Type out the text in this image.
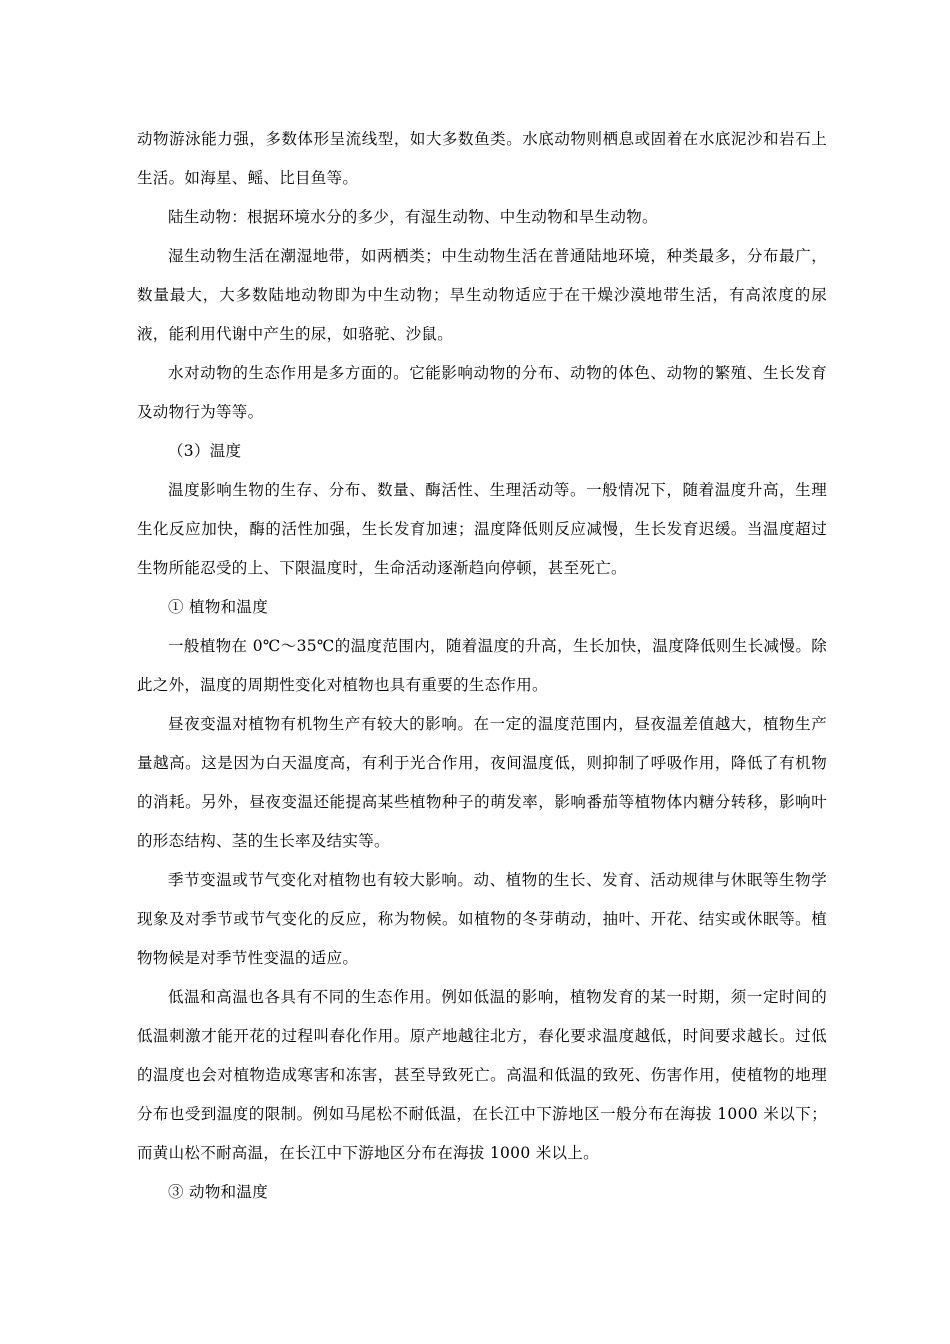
动物游泳能力强，多数体形呈流线型，如大多数鱼类。水底动物则栖息或固着在水底泥沙和岩石上生活。如海星、鳐、比目鱼等。

陆生动物：根据环境水分的多少，有湿生动物、中生动物和旱生动物。

湿生动物生活在潮湿地带，如两栖类；中生动物生活在普通陆地环境，种类最多，分布最广，数量最大，大多数陆地动物即为中生动物；旱生动物适应于在干燥沙漠地带生活，有高浓度的尿液，能利用代谢中产生的尿，如骆驼、沙鼠。

水对动物的生态作用是多方面的。它能影响动物的分布、动物的体色、动物的繁殖、生长发育及动物行为等等。

（3）温度

温度影响生物的生存、分布、数量、酶活性、生理活动等。一般情况下，随着温度升高，生理生化反应加快，酶的活性加强，生长发育加速；温度降低则反应减慢，生长发育迟缓。当温度超过生物所能忍受的上、下限温度时，生命活动逐渐趋向停顿，甚至死亡。

① 植物和温度

一般植物在 0℃～35℃的温度范围内，随着温度的升高，生长加快，温度降低则生长减慢。除此之外，温度的周期性变化对植物也具有重要的生态作用。

昼夜变温对植物有机物生产有较大的影响。在一定的温度范围内，昼夜温差值越大，植物生产量越高。这是因为白天温度高，有利于光合作用，夜间温度低，则抑制了呼吸作用，降低了有机物的消耗。另外，昼夜变温还能提高某些植物种子的萌发率，影响番茄等植物体内糖分转移，影响叶的形态结构、茎的生长率及结实等。

季节变温或节气变化对植物也有较大影响。动、植物的生长、发育、活动规律与休眠等生物学现象及对季节或节气变化的反应，称为物候。如植物的冬芽萌动，抽叶、开花、结实或休眠等。植物物候是对季节性变温的适应。

低温和高温也各具有不同的生态作用。例如低温的影响，植物发育的某一时期，须一定时间的低温刺激才能开花的过程叫春化作用。原产地越往北方，春化要求温度越低，时间要求越长。过低的温度也会对植物造成寒害和冻害，甚至导致死亡。高温和低温的致死、伤害作用，使植物的地理分布也受到温度的限制。例如马尾松不耐低温，在长江中下游地区一般分布在海拔 1000 米以下；而黄山松不耐高温，在长江中下游地区分布在海拔 1000 米以上。

③ 动物和温度
